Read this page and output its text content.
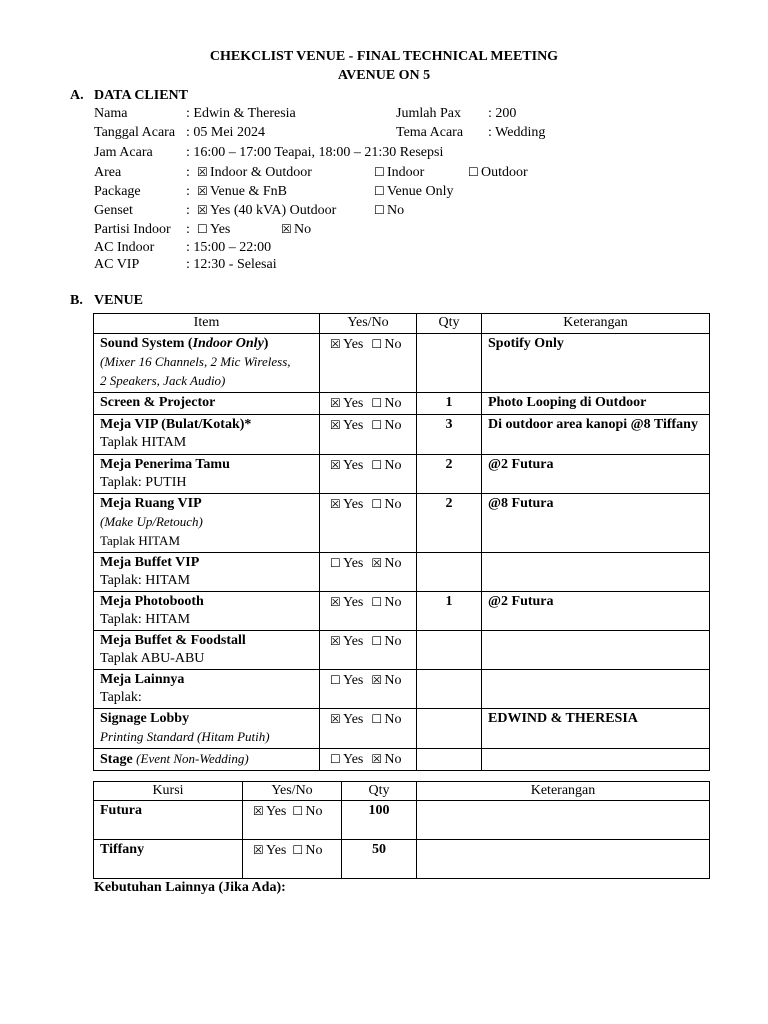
CHEKCLIST VENUE - FINAL TECHNICAL MEETING
AVENUE ON 5
A. DATA CLIENT
Nama	: Edwin & Theresia	Jumlah Pax : 200
Tanggal Acara : 05 Mei 2024	Tema Acara : Wedding
Jam Acara : 16:00 – 17:00 Teapai, 18:00 – 21:30 Resepsi
Area	: ☒ Indoor & Outdoor	☐ Indoor	☐ Outdoor
Package	: ☒ Venue & FnB	☐ Venue Only
Genset	: ☒ Yes (40 kVA) Outdoor	☐ No
Partisi Indoor : ☐ Yes	☒ No
AC Indoor : 15:00 – 22:00
AC VIP	: 12:30 - Selesai
B. VENUE
Item	Yes/No	Qty	Keterangan
Sound System (Indoor Only)
(Mixer 16 Channels, 2 Mic Wireless,
2 Speakers, Jack Audio)	☒ Yes ☐ No		Spotify Only
Screen & Projector	☒ Yes ☐ No	1	Photo Looping di Outdoor
Meja VIP (Bulat/Kotak)*
Taplak HITAM	☒ Yes ☐ No	3	Di outdoor area kanopi @8 Tiffany
Meja Penerima Tamu
Taplak: PUTIH	☒ Yes ☐ No	2	@2 Futura
Meja Ruang VIP
(Make Up/Retouch)
Taplak HITAM	☒ Yes ☐ No	2	@8 Futura
Meja Buffet VIP
Taplak: HITAM	☐ Yes ☒ No		
Meja Photobooth
Taplak: HITAM	☒ Yes ☐ No	1	@2 Futura
Meja Buffet & Foodstall
Taplak ABU-ABU	☒ Yes ☐ No		
Meja Lainnya
Taplak:	☐ Yes ☒ No		
Signage Lobby
Printing Standard (Hitam Putih)	☒ Yes ☐ No		EDWIND & THERESIA
Stage (Event Non-Wedding)	☐ Yes ☒ No		
Kursi	Yes/No	Qty	Keterangan
Futura	☒ Yes ☐ No	100	
Tiffany	☒ Yes ☐ No	50	
Kebutuhan Lainnya (Jika Ada):
